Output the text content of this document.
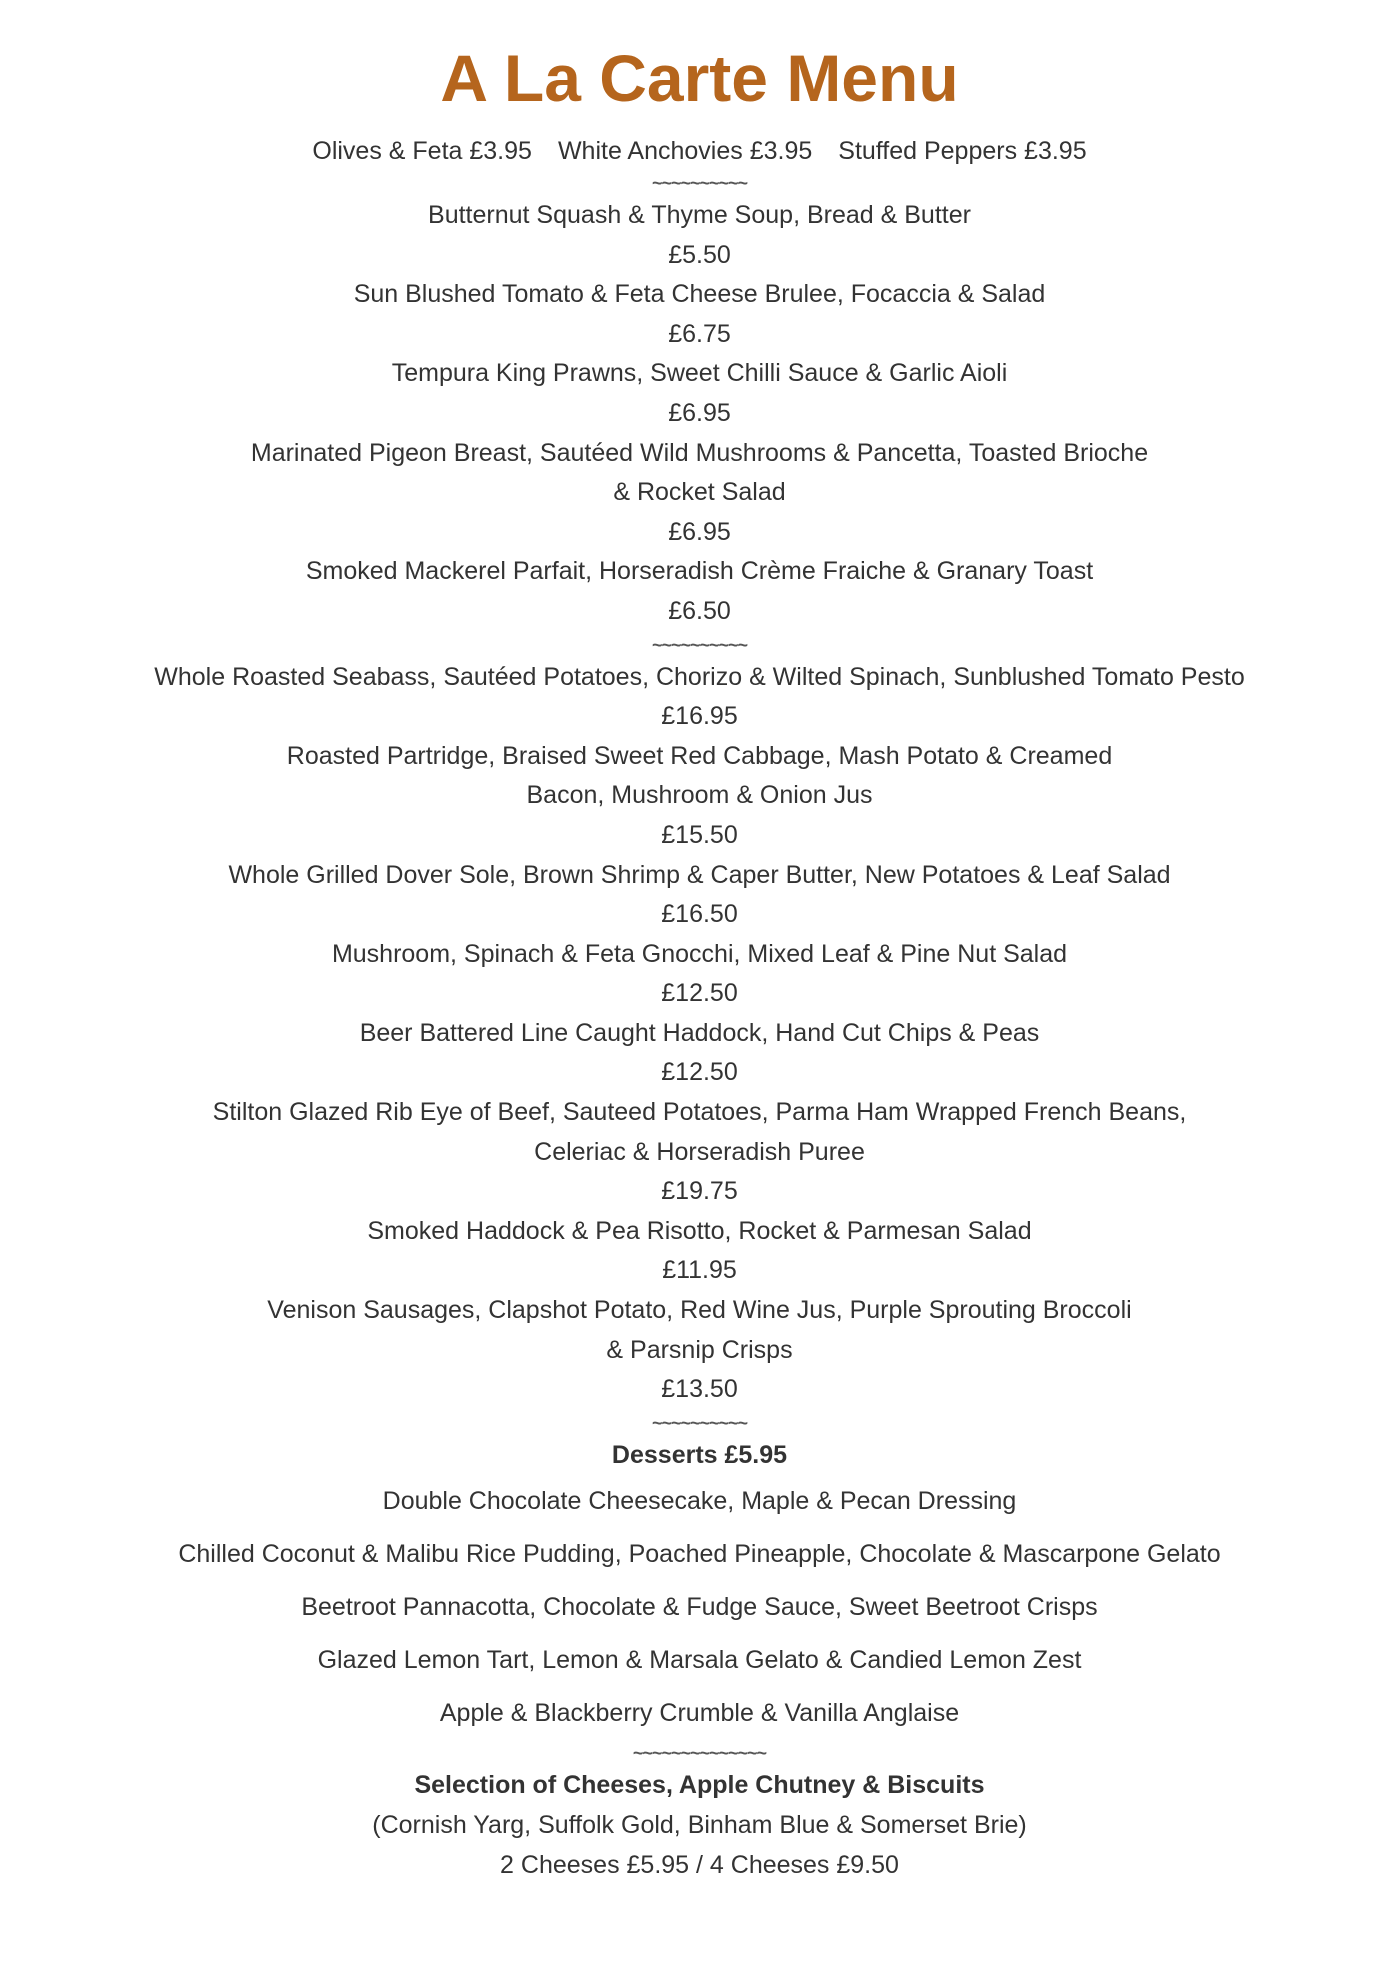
A La Carte Menu
Olives & Feta £3.95 White Anchovies £3.95 Stuffed Peppers £3.95
~~~~~~~~~~
Butternut Squash & Thyme Soup, Bread & Butter
£5.50
Sun Blushed Tomato & Feta Cheese Brulee, Focaccia & Salad
£6.75
Tempura King Prawns, Sweet Chilli Sauce & Garlic Aioli
£6.95
Marinated Pigeon Breast, Sautéed Wild Mushrooms & Pancetta, Toasted Brioche
& Rocket Salad
£6.95
Smoked Mackerel Parfait, Horseradish Crème Fraiche & Granary Toast
£6.50
~~~~~~~~~~
Whole Roasted Seabass, Sautéed Potatoes, Chorizo & Wilted Spinach, Sunblushed Tomato Pesto
£16.95
Roasted Partridge, Braised Sweet Red Cabbage, Mash Potato & Creamed
Bacon, Mushroom & Onion Jus
£15.50
Whole Grilled Dover Sole, Brown Shrimp & Caper Butter, New Potatoes & Leaf Salad
£16.50
Mushroom, Spinach & Feta Gnocchi, Mixed Leaf & Pine Nut Salad
£12.50
Beer Battered Line Caught Haddock, Hand Cut Chips & Peas
£12.50
Stilton Glazed Rib Eye of Beef, Sauteed Potatoes, Parma Ham Wrapped French Beans,
Celeriac & Horseradish Puree
£19.75
Smoked Haddock & Pea Risotto, Rocket & Parmesan Salad
£11.95
Venison Sausages, Clapshot Potato, Red Wine Jus, Purple Sprouting Broccoli
& Parsnip Crisps
£13.50
~~~~~~~~~~
Desserts £5.95
Double Chocolate Cheesecake, Maple & Pecan Dressing
Chilled Coconut & Malibu Rice Pudding, Poached Pineapple, Chocolate & Mascarpone Gelato
Beetroot Pannacotta, Chocolate & Fudge Sauce, Sweet Beetroot Crisps
Glazed Lemon Tart, Lemon & Marsala Gelato & Candied Lemon Zest
Apple & Blackberry Crumble & Vanilla Anglaise
~~~~~~~~~~~~~~
Selection of Cheeses, Apple Chutney & Biscuits
(Cornish Yarg, Suffolk Gold, Binham Blue & Somerset Brie)
2 Cheeses £5.95 / 4 Cheeses £9.50
